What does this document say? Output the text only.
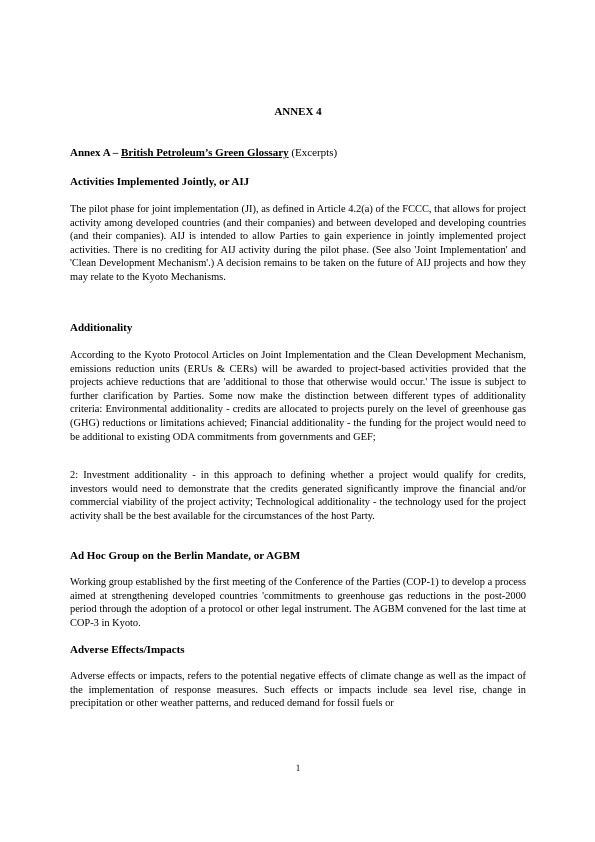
ANNEX 4
Annex A – British Petroleum’s Green Glossary (Excerpts)
Activities Implemented Jointly, or AIJ
The pilot phase for joint implementation (JI), as defined in Article 4.2(a) of the FCCC, that allows for project activity among developed countries (and their companies) and between developed and developing countries (and their companies). AIJ is intended to allow Parties to gain experience in jointly implemented project activities. There is no crediting for AIJ activity during the pilot phase. (See also 'Joint Implementation' and 'Clean Development Mechanism'.) A decision remains to be taken on the future of AIJ projects and how they may relate to the Kyoto Mechanisms.
Additionality
According to the Kyoto Protocol Articles on Joint Implementation and the Clean Development Mechanism, emissions reduction units (ERUs & CERs) will be awarded to project-based activities provided that the projects achieve reductions that are 'additional to those that otherwise would occur.' The issue is subject to further clarification by Parties. Some now make the distinction between different types of additionality criteria: Environmental additionality - credits are allocated to projects purely on the level of greenhouse gas (GHG) reductions or limitations achieved; Financial additionality - the funding for the project would need to be additional to existing ODA commitments from governments and GEF;
2: Investment additionality - in this approach to defining whether a project would qualify for credits, investors would need to demonstrate that the credits generated significantly improve the financial and/or commercial viability of the project activity; Technological additionality - the technology used for the project activity shall be the best available for the circumstances of the host Party.
Ad Hoc Group on the Berlin Mandate, or AGBM
Working group established by the first meeting of the Conference of the Parties (COP-1) to develop a process aimed at strengthening developed countries 'commitments to greenhouse gas reductions in the post-2000 period through the adoption of a protocol or other legal instrument. The AGBM convened for the last time at COP-3 in Kyoto.
Adverse Effects/Impacts
Adverse effects or impacts, refers to the potential negative effects of climate change as well as the impact of the implementation of response measures. Such effects or impacts include sea level rise, change in precipitation or other weather patterns, and reduced demand for fossil fuels or
1
